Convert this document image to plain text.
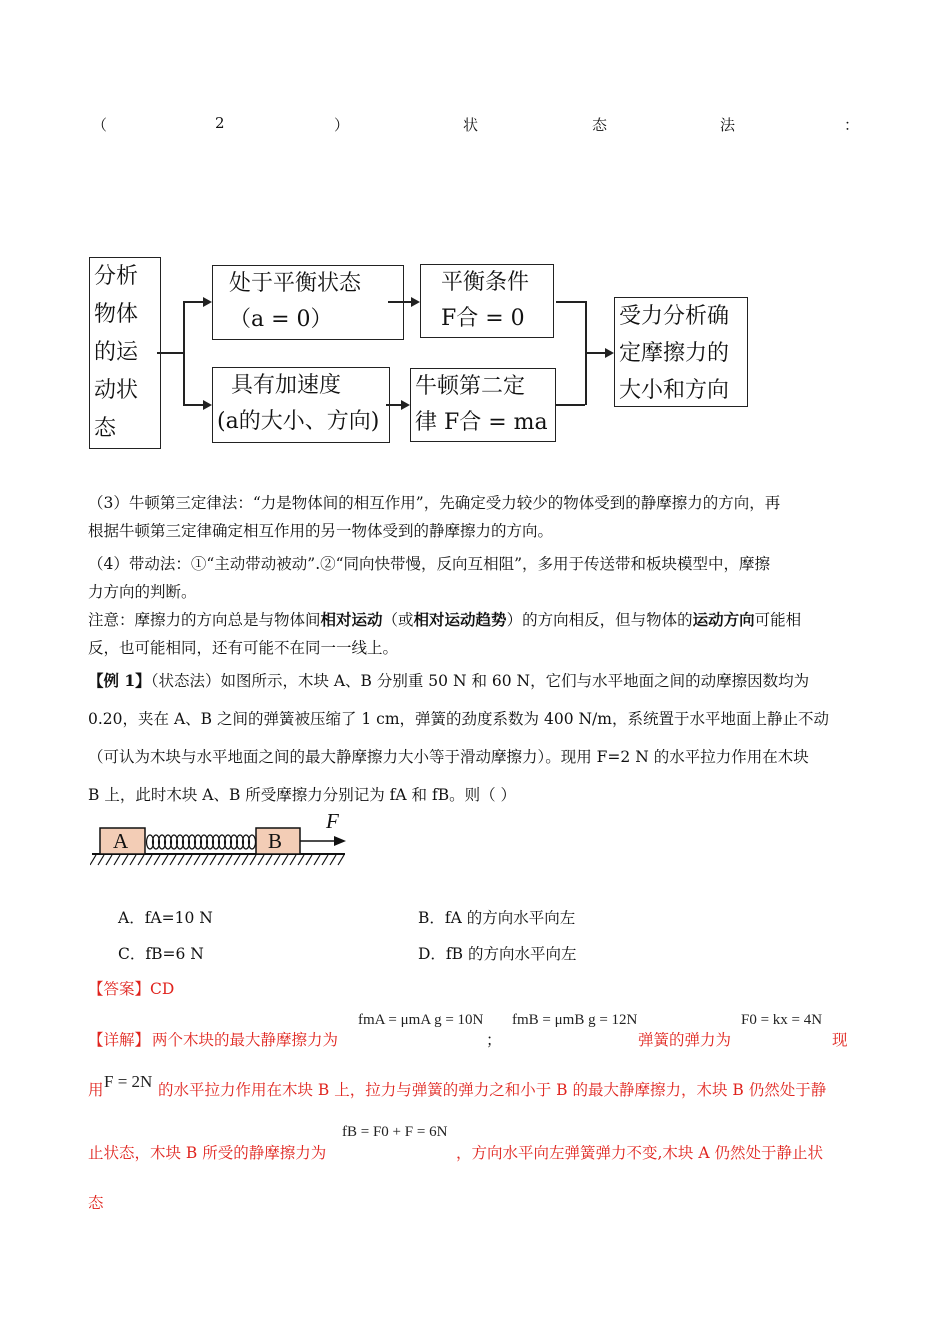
（	2	）	状	态	法	：
分析
物体
的运
动状
态
处于平衡状态
（a = 0）
平衡条件
F合 = 0
具有加速度
(a的大小、方向)
牛顿第二定
律 F合 = ma
受力分析确
定摩擦力的
大小和方向
（3）牛顿第三定律法：“力是物体间的相互作用”，先确定受力较少的物体受到的静摩擦力的方向，再
根据牛顿第三定律确定相互作用的另一物体受到的静摩擦力的方向。
（4）带动法：①“主动带动被动”.②“同向快带慢，反向互相阻”，多用于传送带和板块模型中，摩擦
力方向的判断。
注意：摩擦力的方向总是与物体间相对运动（或相对运动趋势）的方向相反，但与物体的运动方向可能相
反，也可能相同，还有可能不在同一一线上。
【例 1】（状态法）如图所示，木块 A、B 分别重 50 N 和 60 N，它们与水平地面之间的动摩擦因数均为
0.20，夹在 A、B 之间的弹簧被压缩了 1 cm，弹簧的劲度系数为 400 N/m，系统置于水平地面上静止不动
（可认为木块与水平地面之间的最大静摩擦力大小等于滑动摩擦力）。现用 F=2 N 的水平拉力作用在木块
B 上，此时木块 A、B 所受摩擦力分别记为 fA 和 fB。则（ ）
A	B
F
A．fA=10 N	B．fA 的方向水平向左
C．fB=6 N	D．fB 的方向水平向左
【答案】CD
【详解】 两个木块的最大静摩擦力为
fmA = μmA g = 10N
；
fmB = μmB g = 12N
弹簧的弹力为
F0 = kx = 4N
现
用 F = 2N 的水平拉力作用在木块 B 上，拉力与弹簧的弹力之和小于 B 的最大静摩擦力，木块 B 仍然处于静
止状态，木块 B 所受的静摩擦力为
fB = F0 + F = 6N
，方向水平向左弹簧弹力不变,木块 A 仍然处于静止状
态
